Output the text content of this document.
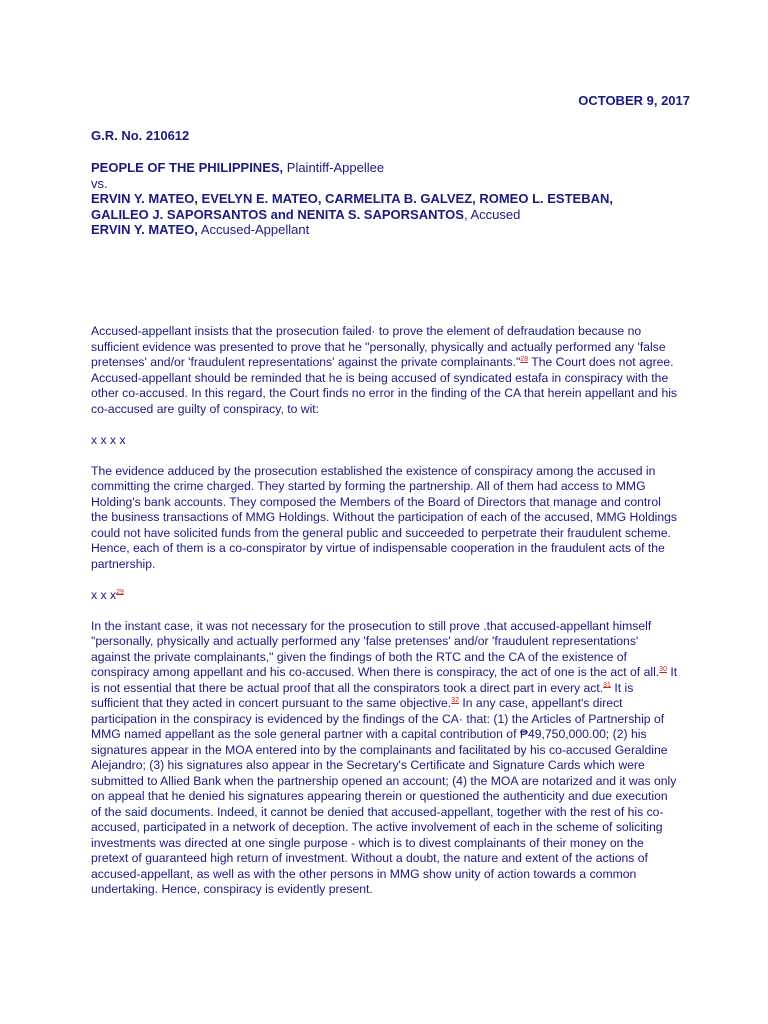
OCTOBER 9, 2017
G.R. No. 210612
PEOPLE OF THE PHILIPPINES, Plaintiff-Appellee
vs.
ERVIN Y. MATEO, EVELYN E. MATEO, CARMELITA B. GALVEZ, ROMEO L. ESTEBAN,
GALILEO J. SAPORSANTOS and NENITA S. SAPORSANTOS, Accused
ERVIN Y. MATEO, Accused-Appellant

Accused-appellant insists that the prosecution failed· to prove the element of defraudation because no sufficient evidence was presented to prove that he "personally, physically and actually performed any 'false pretenses' and/or 'fraudulent representations' against the private complainants."$^{28}$ The Court does not agree. Accused-appellant should be reminded that he is being accused of syndicated estafa in conspiracy with the other co-accused. In this regard, the Court finds no error in the finding of the CA that herein appellant and his co-accused are guilty of conspiracy, to wit:

x x x x

The evidence adduced by the prosecution established the existence of conspiracy among the accused in committing the crime charged. They started by forming the partnership. All of them had access to MMG Holding's bank accounts. They composed the Members of the Board of Directors that manage and control the business transactions of MMG Holdings. Without the participation of each of the accused, MMG Holdings could not have solicited funds from the general public and succeeded to perpetrate their fraudulent scheme. Hence, each of them is a co-conspirator by virtue of indispensable cooperation in the fraudulent acts of the partnership.

x x x$^{29}$

In the instant case, it was not necessary for the prosecution to still prove .that accused-appellant himself "personally, physically and actually performed any 'false pretenses' and/or 'fraudulent representations' against the private complainants," given the findings of both the RTC and the CA of the existence of conspiracy among appellant and his co-accused. When there is conspiracy, the act of one is the act of all.$^{30}$ It is not essential that there be actual proof that all the conspirators took a direct part in every act.$^{31}$ It is sufficient that they acted in concert pursuant to the same objective.$^{32}$ In any case, appellant's direct participation in the conspiracy is evidenced by the findings of the CA· that: (1) the Articles of Partnership of MMG named appellant as the sole general partner with a capital contribution of ₱49,750,000.00; (2) his signatures appear in the MOA entered into by the complainants and facilitated by his co-accused Geraldine Alejandro; (3) his signatures also appear in the Secretary's Certificate and Signature Cards which were submitted to Allied Bank when the partnership opened an account; (4) the MOA are notarized and it was only on appeal that he denied his signatures appearing therein or questioned the authenticity and due execution of the said documents. Indeed, it cannot be denied that accused-appellant, together with the rest of his co-accused, participated in a network of deception. The active involvement of each in the scheme of soliciting investments was directed at one single purpose - which is to divest complainants of their money on the pretext of guaranteed high return of investment. Without a doubt, the nature and extent of the actions of accused-appellant, as well as with the other persons in MMG show unity of action towards a common undertaking. Hence, conspiracy is evidently present.
